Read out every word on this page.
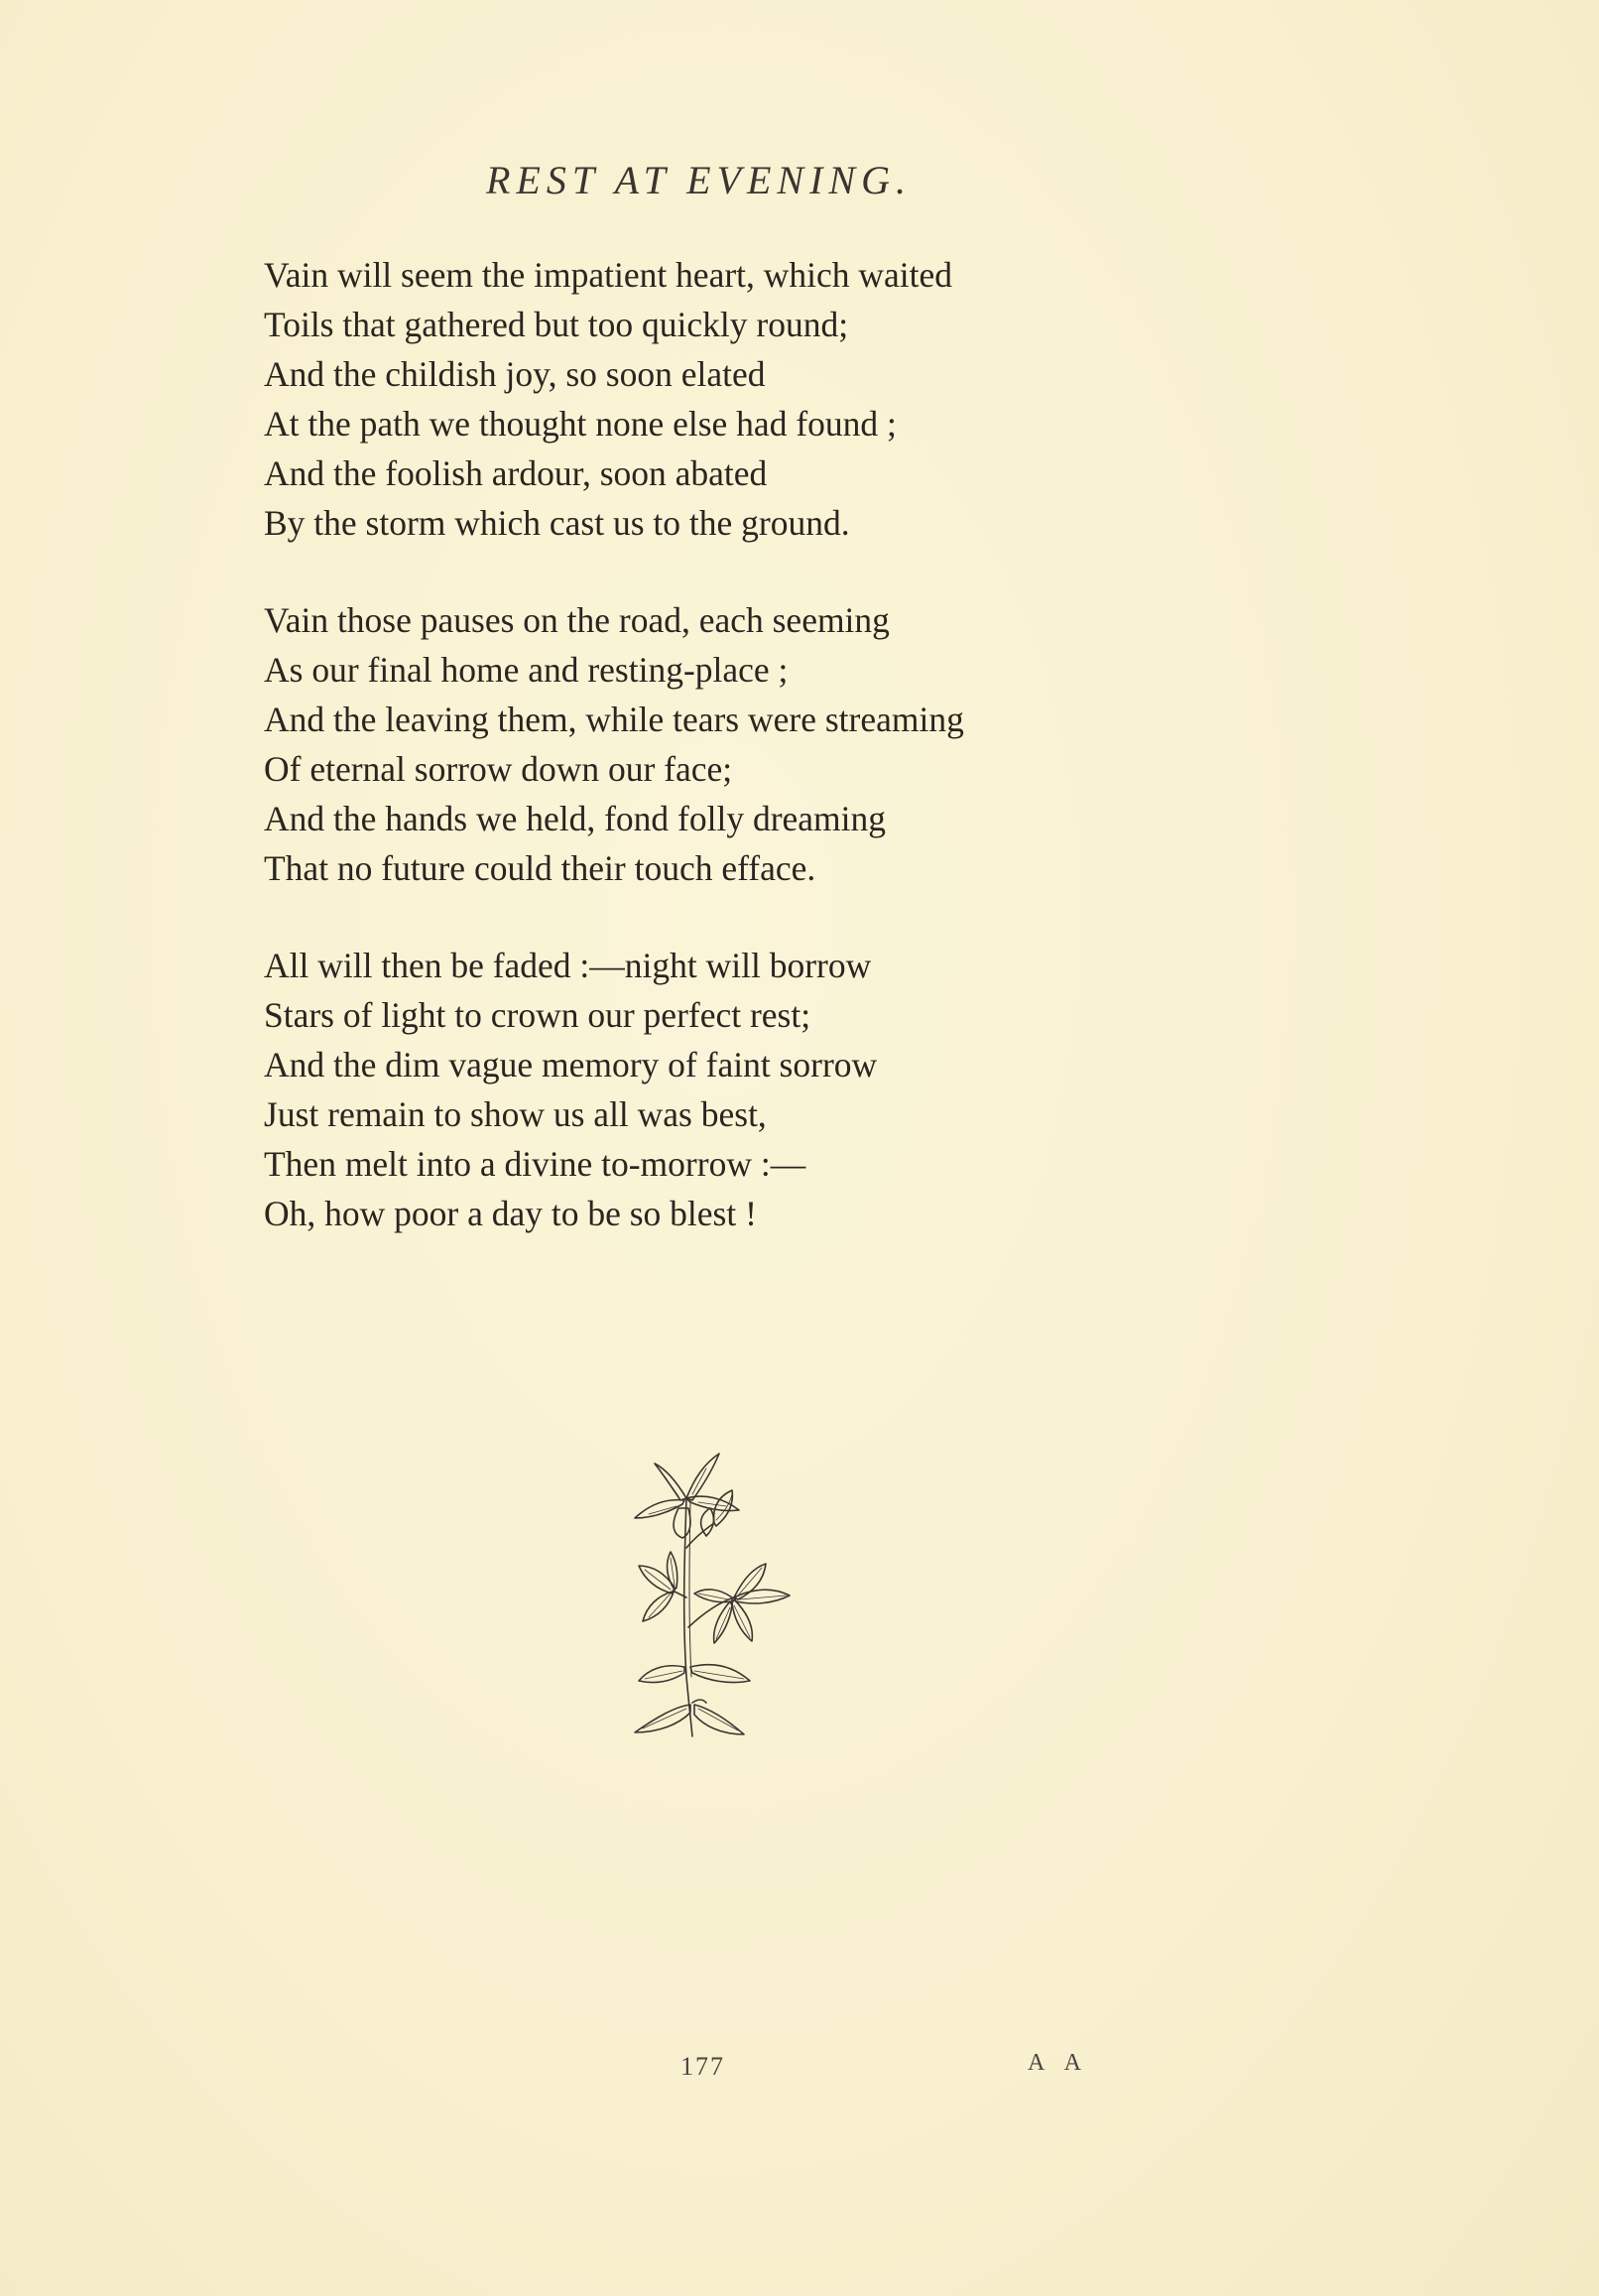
REST AT EVENING.
Vain will seem the impatient heart, which waited
Toils that gathered but too quickly round;
And the childish joy, so soon elated
At the path we thought none else had found ;
And the foolish ardour, soon abated
By the storm which cast us to the ground.
Vain those pauses on the road, each seeming
As our final home and resting-place ;
And the leaving them, while tears were streaming
Of eternal sorrow down our face;
And the hands we held, fond folly dreaming
That no future could their touch efface.
All will then be faded :—night will borrow
Stars of light to crown our perfect rest;
And the dim vague memory of faint sorrow
Just remain to show us all was best,
Then melt into a divine to-morrow :—
Oh, how poor a day to be so blest !
177	A A
